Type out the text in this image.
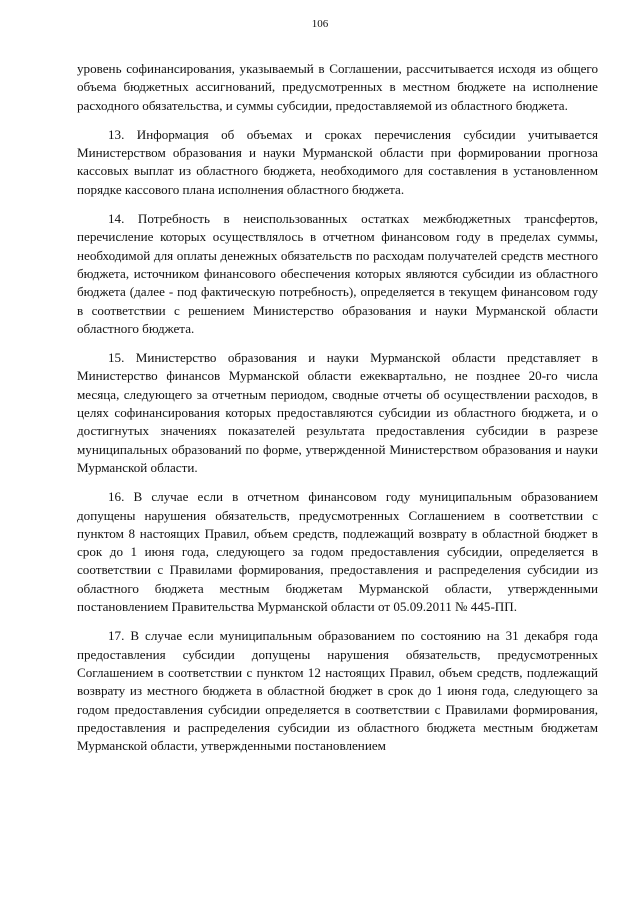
106

уровень софинансирования, указываемый в Соглашении, рассчитывается исходя из общего объема бюджетных ассигнований, предусмотренных в местном бюджете на исполнение расходного обязательства, и суммы субсидии, предоставляемой из областного бюджета.

13. Информация об объемах и сроках перечисления субсидии учитывается Министерством образования и науки Мурманской области при формировании прогноза кассовых выплат из областного бюджета, необходимого для составления в установленном порядке кассового плана исполнения областного бюджета.

14. Потребность в неиспользованных остатках межбюджетных трансфертов, перечисление которых осуществлялось в отчетном финансовом году в пределах суммы, необходимой для оплаты денежных обязательств по расходам получателей средств местного бюджета, источником финансового обеспечения которых являются субсидии из областного бюджета (далее - под фактическую потребность), определяется в текущем финансовом году в соответствии с решением Министерство образования и науки Мурманской области областного бюджета.

15. Министерство образования и науки Мурманской области представляет в Министерство финансов Мурманской области ежеквартально, не позднее 20-го числа месяца, следующего за отчетным периодом, сводные отчеты об осуществлении расходов, в целях софинансирования которых предоставляются субсидии из областного бюджета, и о достигнутых значениях показателей результата предоставления субсидии в разрезе муниципальных образований по форме, утвержденной Министерством образования и науки Мурманской области.

16. В случае если в отчетном финансовом году муниципальным образованием допущены нарушения обязательств, предусмотренных Соглашением в соответствии с пунктом 8 настоящих Правил, объем средств, подлежащий возврату в областной бюджет в срок до 1 июня года, следующего за годом предоставления субсидии, определяется в соответствии с Правилами формирования, предоставления и распределения субсидии из областного бюджета местным бюджетам Мурманской области, утвержденными постановлением Правительства Мурманской области от 05.09.2011 № 445-ПП.

17. В случае если муниципальным образованием по состоянию на 31 декабря года предоставления субсидии допущены нарушения обязательств, предусмотренных Соглашением в соответствии с пунктом 12 настоящих Правил, объем средств, подлежащий возврату из местного бюджета в областной бюджет в срок до 1 июня года, следующего за годом предоставления субсидии определяется в соответствии с Правилами формирования, предоставления и распределения субсидии из областного бюджета местным бюджетам Мурманской области, утвержденными постановлением
